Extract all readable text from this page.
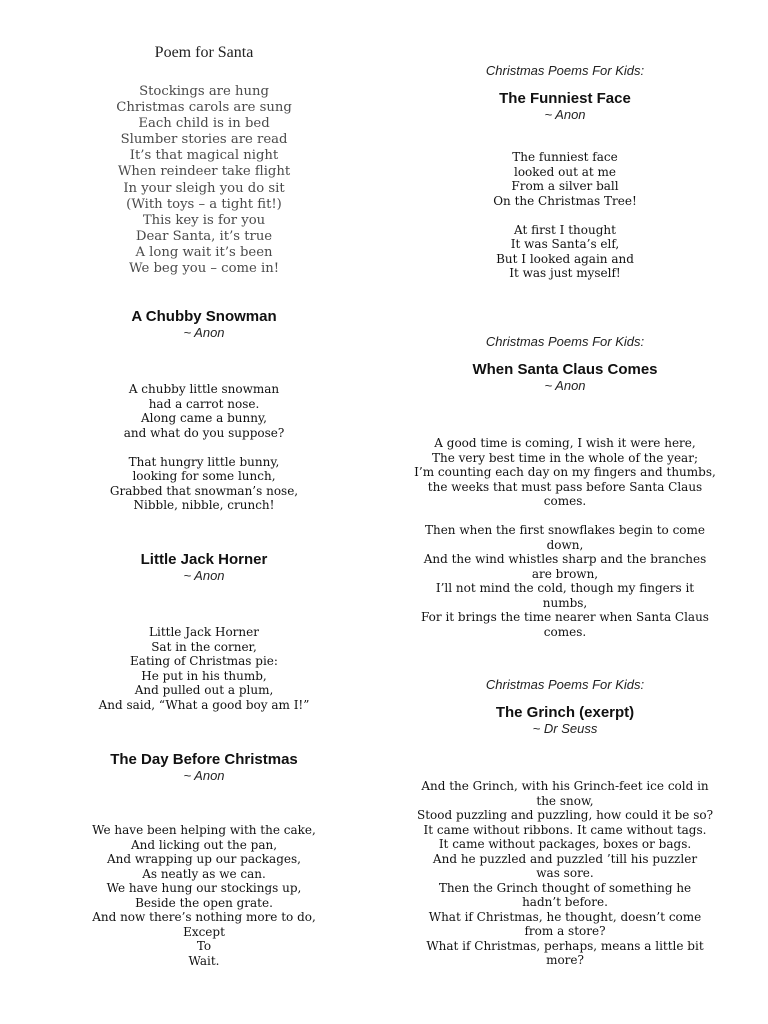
Poem for Santa
Stockings are hung
Christmas carols are sung
Each child is in bed
Slumber stories are read
It’s that magical night
When reindeer take flight
In your sleigh you do sit
(With toys – a tight fit!)
This key is for you
Dear Santa, it’s true
A long wait it’s been
We beg you – come in!
A Chubby Snowman
~ Anon
A chubby little snowman
had a carrot nose.
Along came a bunny,
and what do you suppose?
That hungry little bunny,
looking for some lunch,
Grabbed that snowman’s nose,
Nibble, nibble, crunch!
Little Jack Horner
~ Anon
Little Jack Horner
Sat in the corner,
Eating of Christmas pie:
He put in his thumb,
And pulled out a plum,
And said, “What a good boy am I!”
The Day Before Christmas
~ Anon
We have been helping with the cake,
And licking out the pan,
And wrapping up our packages,
As neatly as we can.
We have hung our stockings up,
Beside the open grate.
And now there’s nothing more to do,
Except
To
Wait.
Christmas Poems For Kids:
The Funniest Face
~ Anon
The funniest face
looked out at me
From a silver ball
On the Christmas Tree!
At first I thought
It was Santa’s elf,
But I looked again and
It was just myself!
Christmas Poems For Kids:
When Santa Claus Comes
~ Anon
A good time is coming, I wish it were here,
The very best time in the whole of the year;
I’m counting each day on my fingers and thumbs,
the weeks that must pass before Santa Claus comes.
Then when the first snowflakes begin to come down,
And the wind whistles sharp and the branches are brown,
I’ll not mind the cold, though my fingers it numbs,
For it brings the time nearer when Santa Claus comes.
Christmas Poems For Kids:
The Grinch (exerpt)
~ Dr Seuss
And the Grinch, with his Grinch-feet ice cold in the snow,
Stood puzzling and puzzling, how could it be so?
It came without ribbons. It came without tags.
It came without packages, boxes or bags.
And he puzzled and puzzled ’till his puzzler was sore.
Then the Grinch thought of something he hadn’t before.
What if Christmas, he thought, doesn’t come from a store?
What if Christmas, perhaps, means a little bit more?
